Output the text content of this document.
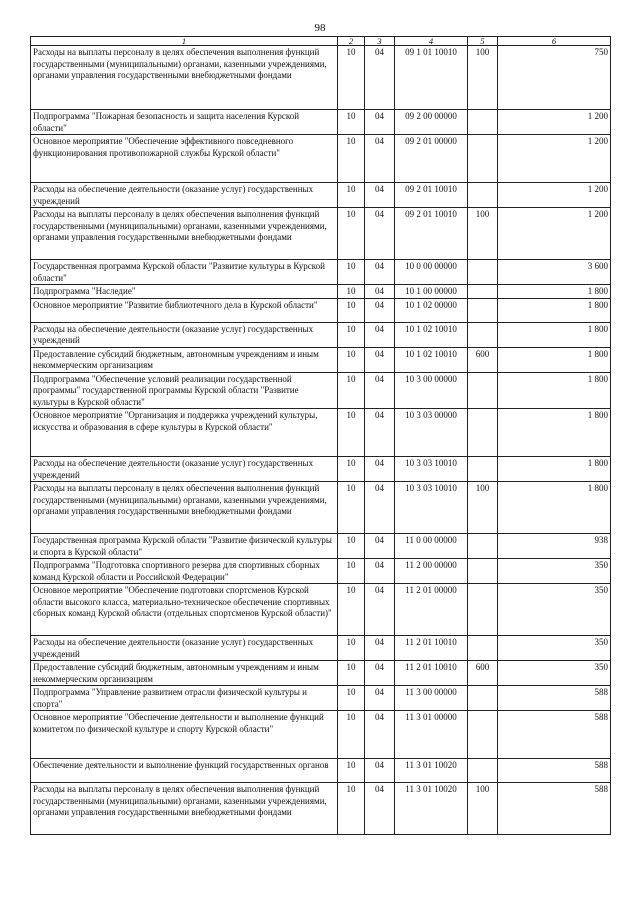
98
1	2	3	4	5	6
Расходы на выплаты персоналу в целях обеспечения выполнения функций государственными (муниципальными) органами, казенными учреждениями, органами управления государственными внебюджетными фондами	10	04	09 1 01 10010	100	750
Подпрограмма "Пожарная безопасность и защита населения Курской области"	10	04	09 2 00 00000		1 200
Основное мероприятие "Обеспечение эффективного повседневного функционирования противопожарной службы Курской области"	10	04	09 2 01 00000		1 200
Расходы на обеспечение деятельности (оказание услуг) государственных учреждений	10	04	09 2 01 10010		1 200
Расходы на выплаты персоналу в целях обеспечения выполнения функций государственными (муниципальными) органами, казенными учреждениями, органами управления государственными внебюджетными фондами	10	04	09 2 01 10010	100	1 200
Государственная программа Курской области "Развитие культуры в Курской области"	10	04	10 0 00 00000		3 600
Подпрограмма "Наследие"	10	04	10 1 00 00000		1 800
Основное мероприятие "Развитие библиотечного дела в Курской области"	10	04	10 1 02 00000		1 800
Расходы на обеспечение деятельности (оказание услуг) государственных учреждений	10	04	10 1 02 10010		1 800
Предоставление субсидий бюджетным, автономным учреждениям и иным некоммерческим организациям	10	04	10 1 02 10010	600	1 800
Подпрограмма "Обеспечение условий реализации государственной программы" государственной программы Курской области "Развитие культуры в Курской области"	10	04	10 3 00 00000		1 800
Основное мероприятие "Организация и поддержка учреждений культуры, искусства и образования в сфере культуры в Курской области"	10	04	10 3 03 00000		1 800
Расходы на обеспечение деятельности (оказание услуг) государственных учреждений	10	04	10 3 03 10010		1 800
Расходы на выплаты персоналу в целях обеспечения выполнения функций государственными (муниципальными) органами, казенными учреждениями, органами управления государственными внебюджетными фондами	10	04	10 3 03 10010	100	1 800
Государственная программа Курской области "Развитие физической культуры и спорта в Курской области"	10	04	11 0 00 00000		938
Подпрограмма "Подготовка спортивного резерва для спортивных сборных команд Курской области и Российской Федерации"	10	04	11 2 00 00000		350
Основное мероприятие "Обеспечение подготовки спортсменов Курской области высокого класса, материально-техническое обеспечение спортивных сборных команд Курской области (отдельных спортсменов Курской области)"	10	04	11 2 01 00000		350
Расходы на обеспечение деятельности (оказание услуг) государственных учреждений	10	04	11 2 01 10010		350
Предоставление субсидий бюджетным, автономным учреждениям и иным некоммерческим организациям	10	04	11 2 01 10010	600	350
Подпрограмма "Управление развитием отрасли физической культуры и спорта"	10	04	11 3 00 00000		588
Основное мероприятие "Обеспечение деятельности и выполнение функций комитетом по физической культуре и спорту Курской области"	10	04	11 3 01 00000		588
Обеспечение деятельности и выполнение функций государственных органов	10	04	11 3 01 10020		588
Расходы на выплаты персоналу в целях обеспечения выполнения функций государственными (муниципальными) органами, казенными учреждениями, органами управления государственными внебюджетными фондами	10	04	11 3 01 10020	100	588
